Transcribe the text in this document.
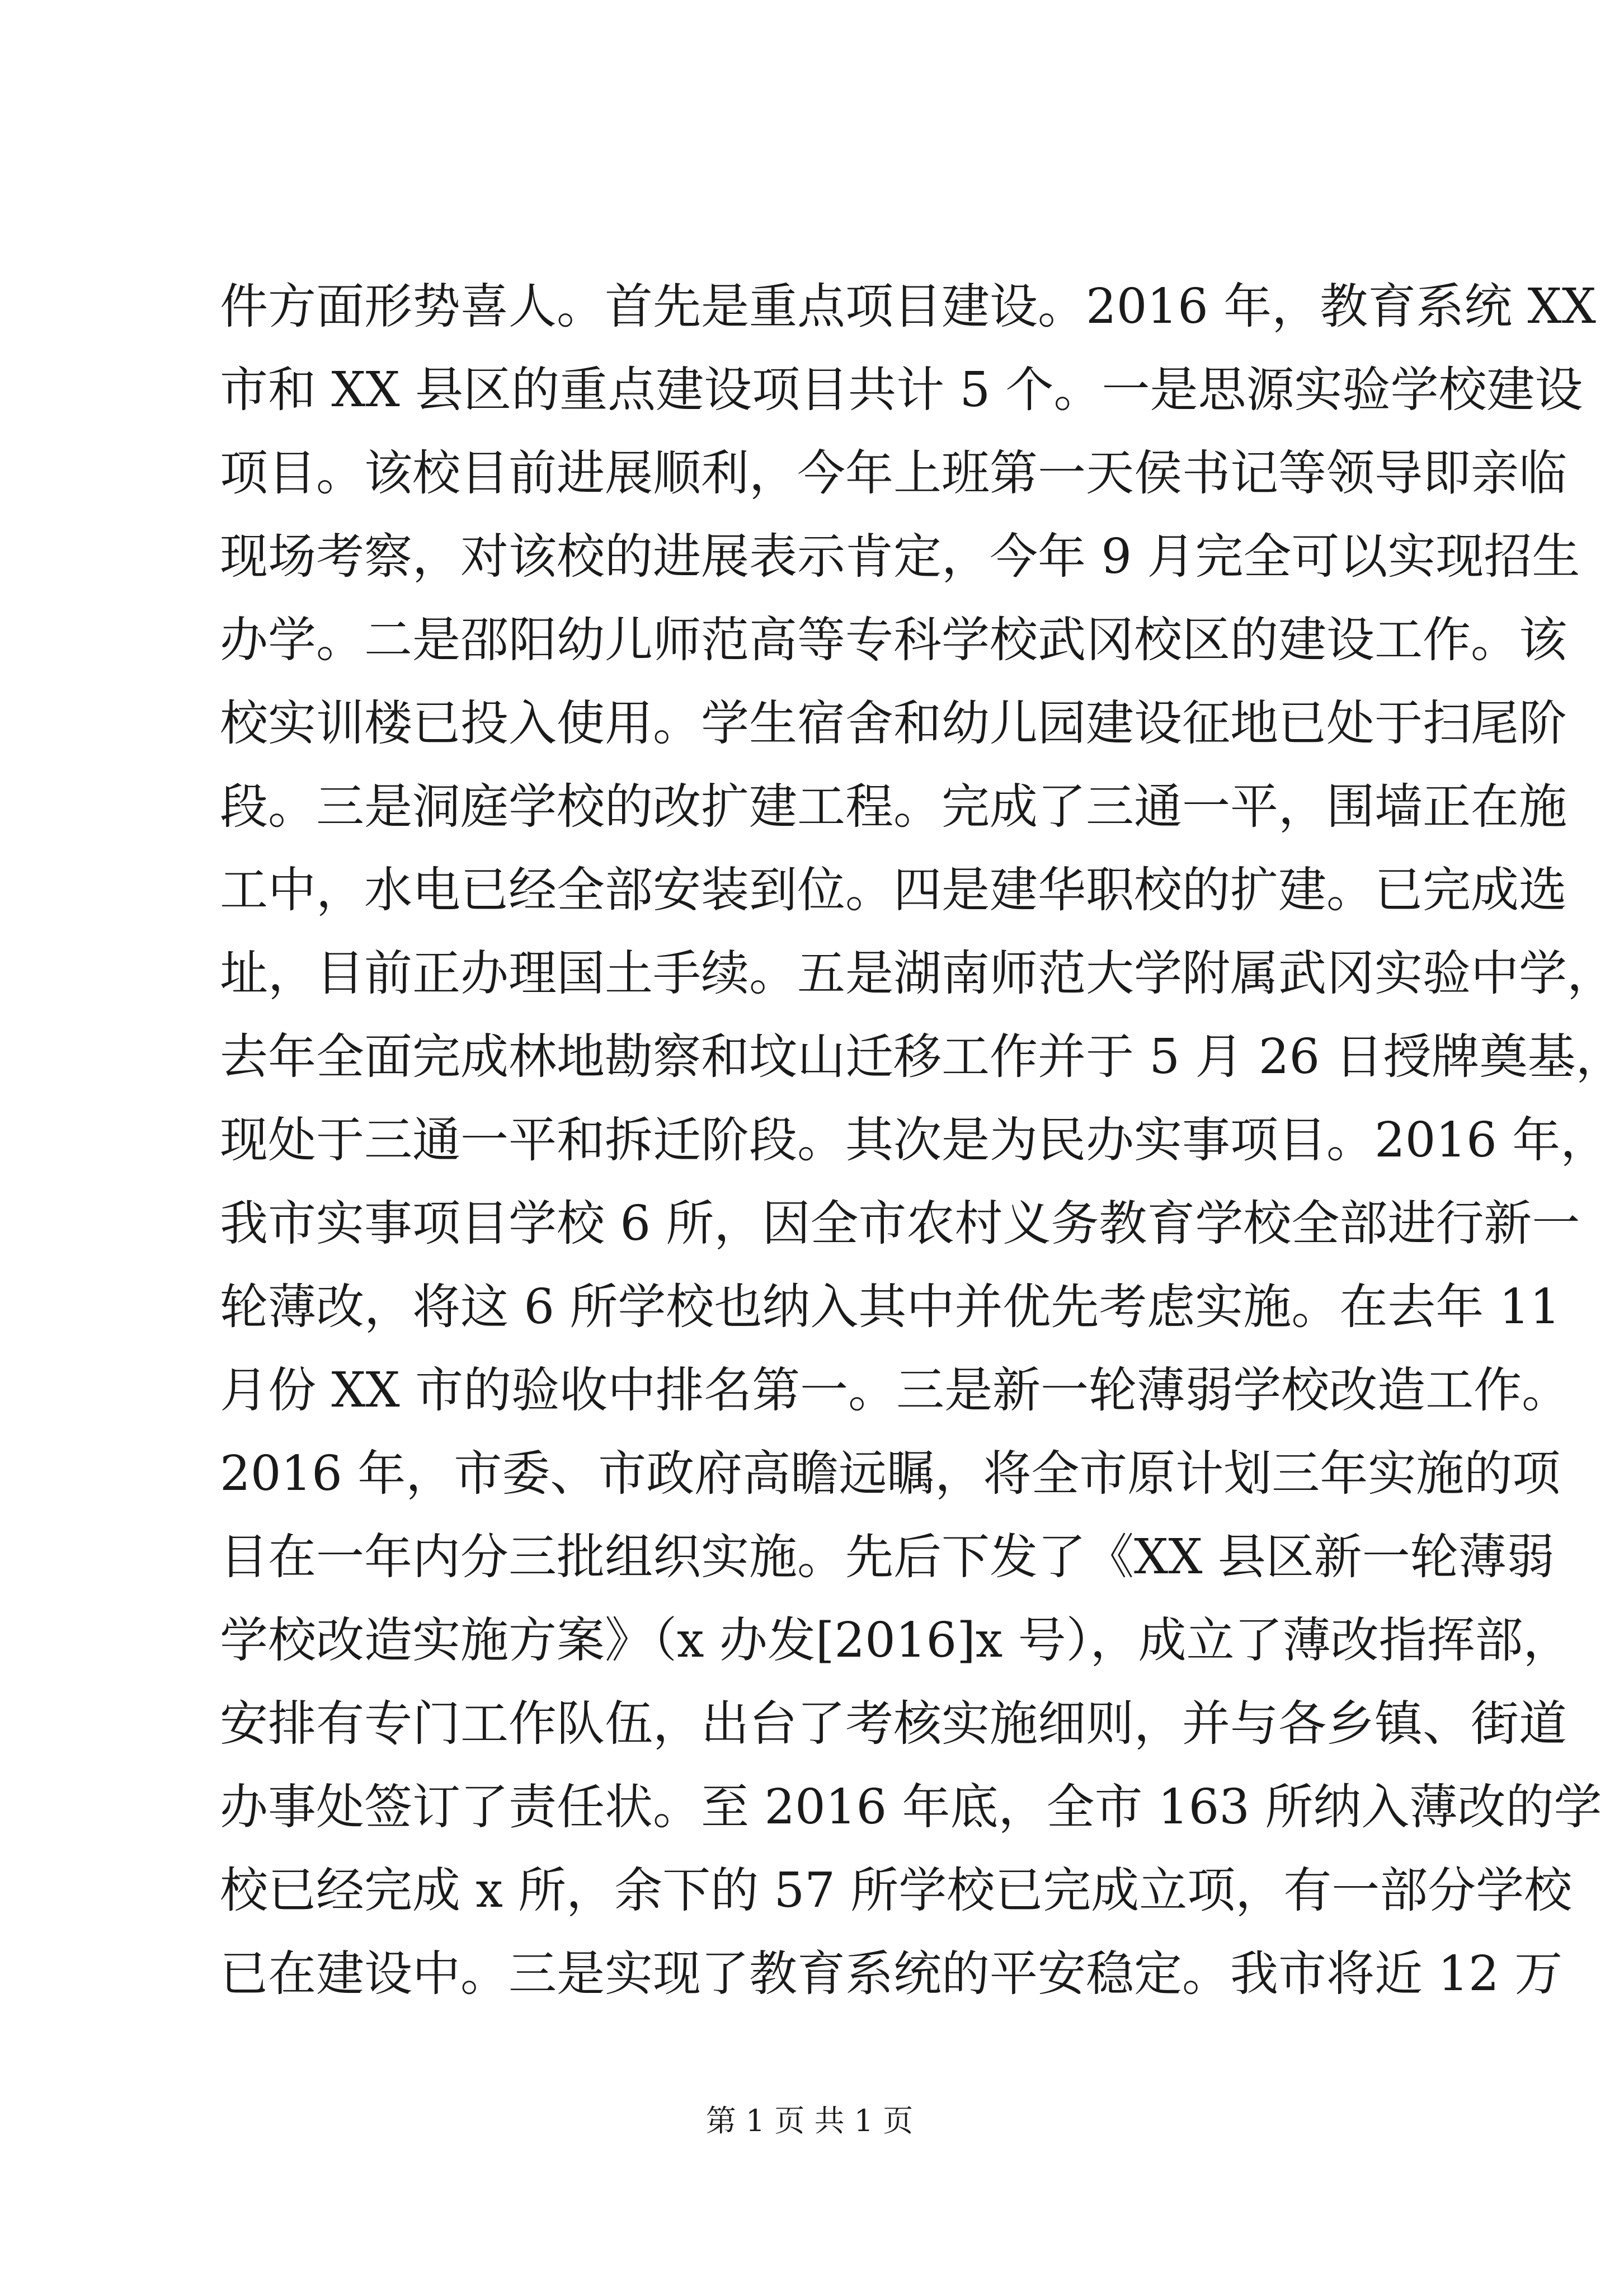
件方面形势喜人。首先是重点项目建设。2016 年，教育系统 XX
市和 XX 县区的重点建设项目共计 5 个。一是思源实验学校建设
项目。该校目前进展顺利，今年上班第一天侯书记等领导即亲临
现场考察，对该校的进展表示肯定，今年 9 月完全可以实现招生
办学。二是邵阳幼儿师范高等专科学校武冈校区的建设工作。该
校实训楼已投入使用。学生宿舍和幼儿园建设征地已处于扫尾阶
段。三是洞庭学校的改扩建工程。完成了三通一平，围墙正在施
工中，水电已经全部安装到位。四是建华职校的扩建。已完成选
址，目前正办理国土手续。五是湖南师范大学附属武冈实验中学，
去年全面完成林地勘察和坟山迁移工作并于 5 月 26 日授牌奠基，
现处于三通一平和拆迁阶段。其次是为民办实事项目。2016 年，
我市实事项目学校 6 所，因全市农村义务教育学校全部进行新一
轮薄改，将这 6 所学校也纳入其中并优先考虑实施。在去年 11
月份 XX 市的验收中排名第一。三是新一轮薄弱学校改造工作。
2016 年，市委、市政府高瞻远瞩，将全市原计划三年实施的项
目在一年内分三批组织实施。先后下发了《XX 县区新一轮薄弱
学校改造实施方案》（x 办发[2016]x 号），成立了薄改指挥部，
安排有专门工作队伍，出台了考核实施细则，并与各乡镇、街道
办事处签订了责任状。至 2016 年底，全市 163 所纳入薄改的学
校已经完成 x 所，余下的 57 所学校已完成立项，有一部分学校
已在建设中。三是实现了教育系统的平安稳定。我市将近 12 万
第 1 页 共 1 页
